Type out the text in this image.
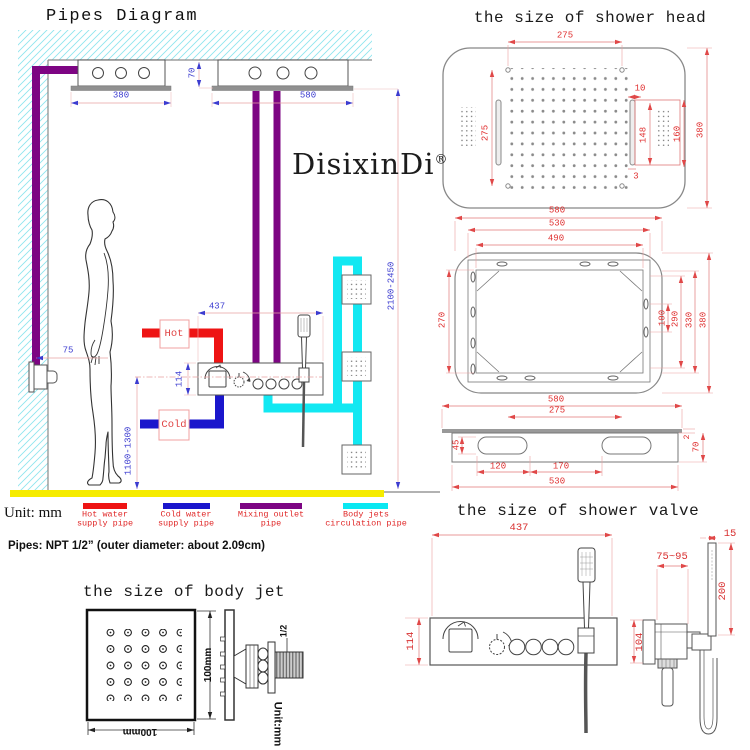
Pipes Diagram	the size of shower head
the size of shower valve
the size of body jet
DisixinDi®
380	580
70
437
114
75
1100-1300
2100-2450
Hot
Cold
275
275
10
148	160 380
3
580
530
490
270	100 290 330 380
580
275
45
120	170
530
2
70
437
114
75~95
15
200
104
100mm
100mm
1/2
Unit:mm
Unit: mm	Hot water
supply pipe
Cold water
supply pipe
Mixing outlet
pipe
Body jets
circulation pipe
Pipes: NPT 1/2” (outer diameter: about 2.09cm)
